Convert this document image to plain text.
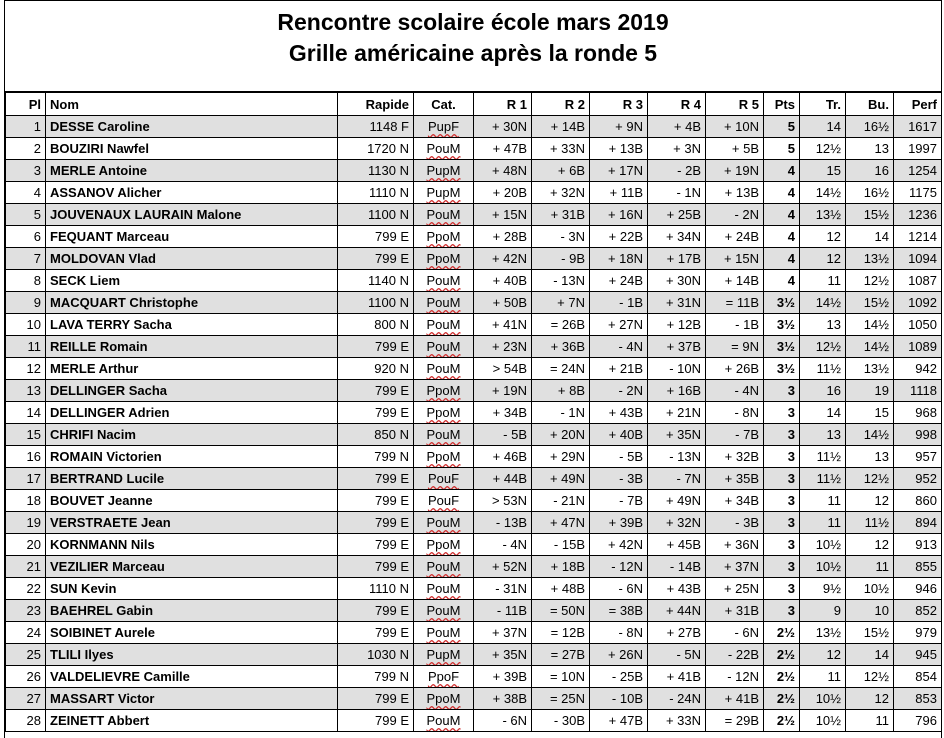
Rencontre scolaire école mars 2019
Grille américaine après la ronde 5
Pl	Nom	Rapide	Cat.	R 1	R 2	R 3	R 4	R 5	Pts	Tr.	Bu.	Perf
1	DESSE Caroline	1148 F	PupF	+ 30N	+ 14B	+ 9N	+ 4B	+ 10N	5	14	16½	1617
2	BOUZIRI Nawfel	1720 N	PouM	+ 47B	+ 33N	+ 13B	+ 3N	+ 5B	5	12½	13	1997
3	MERLE Antoine	1130 N	PupM	+ 48N	+ 6B	+ 17N	- 2B	+ 19N	4	15	16	1254
4	ASSANOV Alicher	1110 N	PupM	+ 20B	+ 32N	+ 11B	- 1N	+ 13B	4	14½	16½	1175
5	JOUVENAUX LAURAIN Malone	1100 N	PouM	+ 15N	+ 31B	+ 16N	+ 25B	- 2N	4	13½	15½	1236
6	FEQUANT Marceau	799 E	PpoM	+ 28B	- 3N	+ 22B	+ 34N	+ 24B	4	12	14	1214
7	MOLDOVAN Vlad	799 E	PpoM	+ 42N	- 9B	+ 18N	+ 17B	+ 15N	4	12	13½	1094
8	SECK Liem	1140 N	PouM	+ 40B	- 13N	+ 24B	+ 30N	+ 14B	4	11	12½	1087
9	MACQUART Christophe	1100 N	PouM	+ 50B	+ 7N	- 1B	+ 31N	= 11B	3½	14½	15½	1092
10	LAVA TERRY Sacha	800 N	PouM	+ 41N	= 26B	+ 27N	+ 12B	- 1B	3½	13	14½	1050
11	REILLE Romain	799 E	PouM	+ 23N	+ 36B	- 4N	+ 37B	= 9N	3½	12½	14½	1089
12	MERLE Arthur	920 N	PouM	> 54B	= 24N	+ 21B	- 10N	+ 26B	3½	11½	13½	942
13	DELLINGER Sacha	799 E	PpoM	+ 19N	+ 8B	- 2N	+ 16B	- 4N	3	16	19	1118
14	DELLINGER Adrien	799 E	PpoM	+ 34B	- 1N	+ 43B	+ 21N	- 8N	3	14	15	968
15	CHRIFI Nacim	850 N	PouM	- 5B	+ 20N	+ 40B	+ 35N	- 7B	3	13	14½	998
16	ROMAIN Victorien	799 N	PpoM	+ 46B	+ 29N	- 5B	- 13N	+ 32B	3	11½	13	957
17	BERTRAND Lucile	799 E	PouF	+ 44B	+ 49N	- 3B	- 7N	+ 35B	3	11½	12½	952
18	BOUVET Jeanne	799 E	PouF	> 53N	- 21N	- 7B	+ 49N	+ 34B	3	11	12	860
19	VERSTRAETE Jean	799 E	PouM	- 13B	+ 47N	+ 39B	+ 32N	- 3B	3	11	11½	894
20	KORNMANN Nils	799 E	PpoM	- 4N	- 15B	+ 42N	+ 45B	+ 36N	3	10½	12	913
21	VEZILIER Marceau	799 E	PouM	+ 52N	+ 18B	- 12N	- 14B	+ 37N	3	10½	11	855
22	SUN Kevin	1110 N	PouM	- 31N	+ 48B	- 6N	+ 43B	+ 25N	3	9½	10½	946
23	BAEHREL Gabin	799 E	PouM	- 11B	= 50N	= 38B	+ 44N	+ 31B	3	9	10	852
24	SOIBINET Aurele	799 E	PouM	+ 37N	= 12B	- 8N	+ 27B	- 6N	2½	13½	15½	979
25	TLILI Ilyes	1030 N	PupM	+ 35N	= 27B	+ 26N	- 5N	- 22B	2½	12	14	945
26	VALDELIEVRE Camille	799 N	PpoF	+ 39B	= 10N	- 25B	+ 41B	- 12N	2½	11	12½	854
27	MASSART Victor	799 E	PpoM	+ 38B	= 25N	- 10B	- 24N	+ 41B	2½	10½	12	853
28	ZEINETT Abbert	799 E	PouM	- 6N	- 30B	+ 47B	+ 33N	= 29B	2½	10½	11	796
